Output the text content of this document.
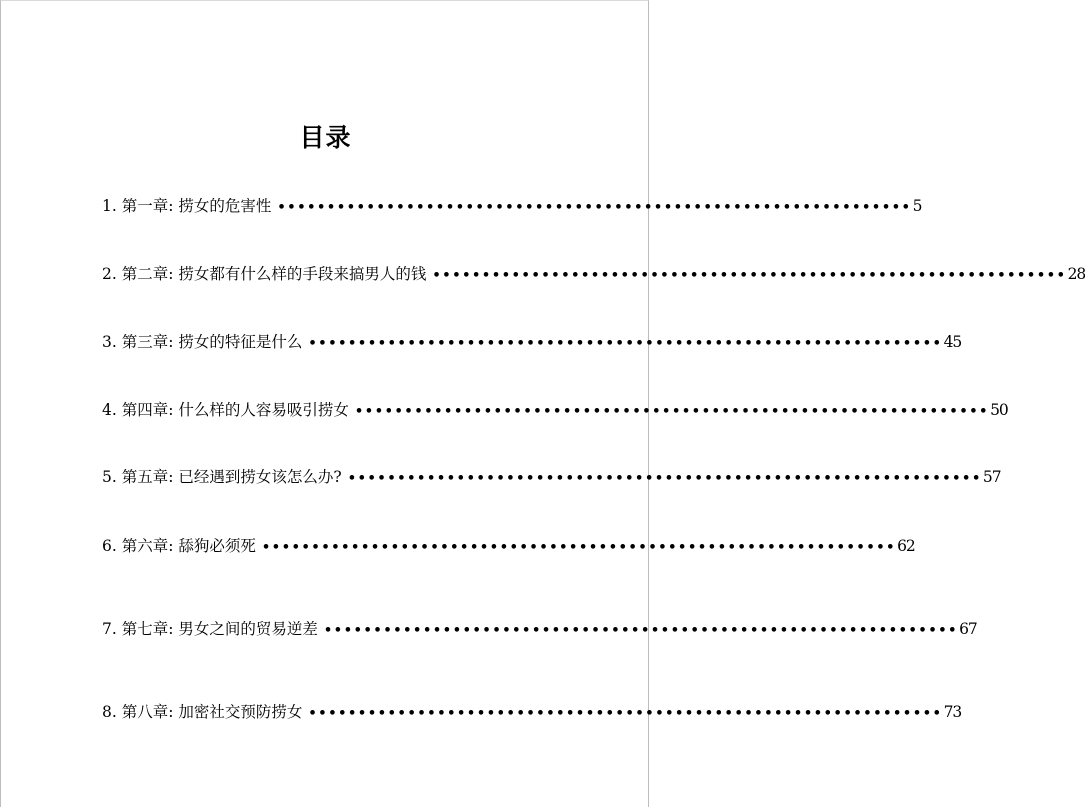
目录
1. 第一章: 捞女的危害性 •••••••••••••••••••••••••••••••••••••••••••••••••••••••••••••••• 5
2. 第二章: 捞女都有什么样的手段来搞男人的钱 •••••••••••••••••••••••••••••••••••••••••••••••••••••••••••••••• 28
3. 第三章: 捞女的特征是什么 •••••••••••••••••••••••••••••••••••••••••••••••••••••••••••••••• 45
4. 第四章: 什么样的人容易吸引捞女 •••••••••••••••••••••••••••••••••••••••••••••••••••••••••••••••• 50
5. 第五章: 已经遇到捞女该怎么办? •••••••••••••••••••••••••••••••••••••••••••••••••••••••••••••••• 57
6. 第六章: 舔狗必须死 •••••••••••••••••••••••••••••••••••••••••••••••••••••••••••••••• 62
7. 第七章: 男女之间的贸易逆差 •••••••••••••••••••••••••••••••••••••••••••••••••••••••••••••••• 67
8. 第八章: 加密社交预防捞女 •••••••••••••••••••••••••••••••••••••••••••••••••••••••••••••••• 73
